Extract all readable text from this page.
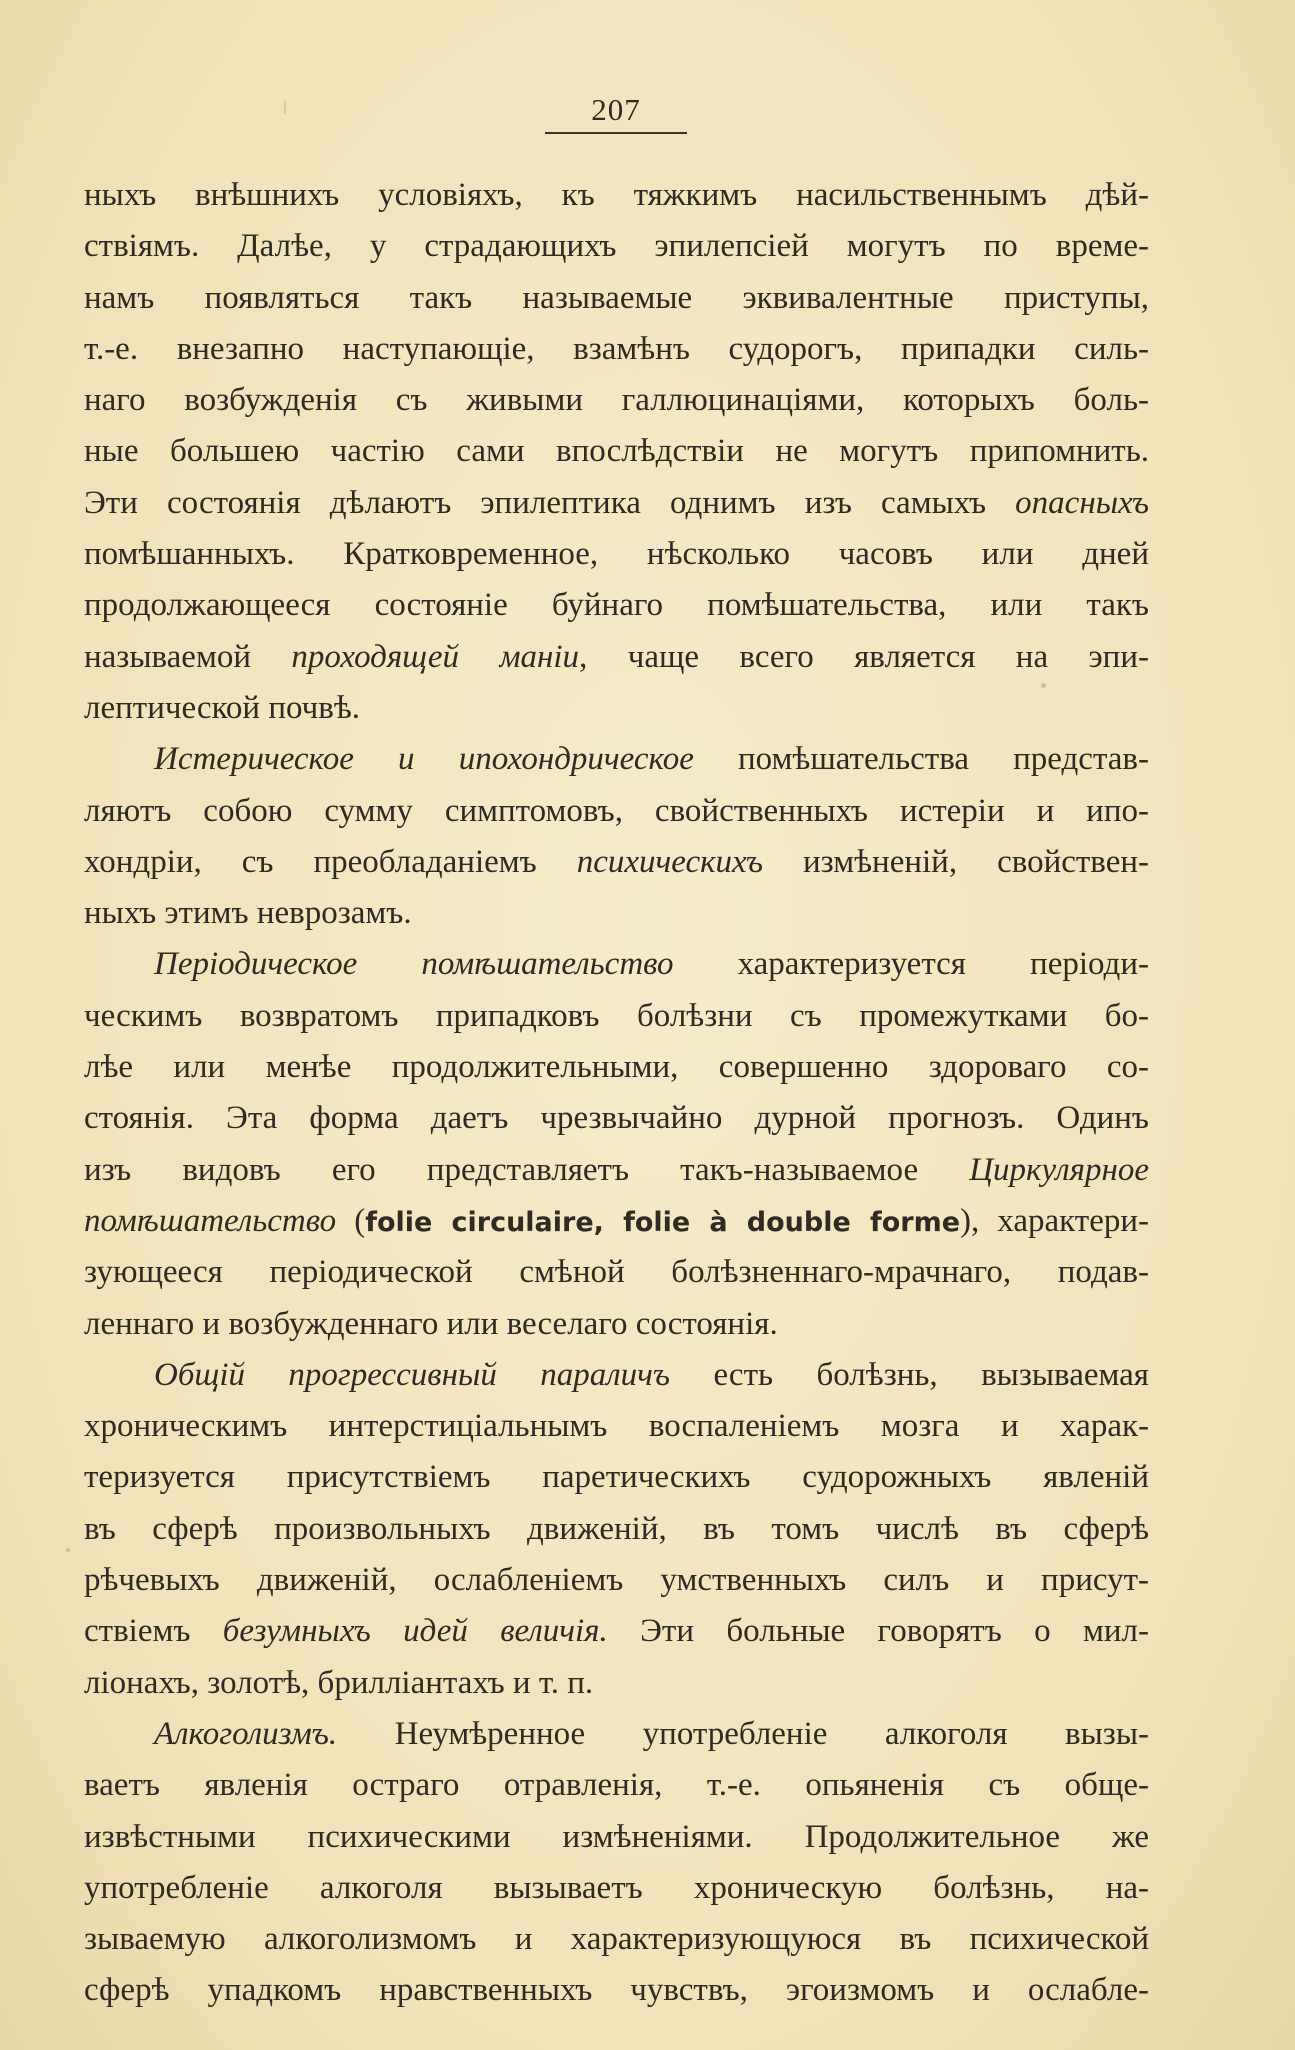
207
ныхъ внѣшнихъ условіяхъ, къ тяжкимъ насильственнымъ дѣй-
ствіямъ. Далѣе, у страдающихъ эпилепсіей могутъ по време-
намъ появляться такъ называемые эквивалентные приступы,
т.-е. внезапно наступающіе, взамѣнъ судорогъ, припадки силь-
наго возбужденія съ живыми галлюцинаціями, которыхъ боль-
ные большею частію сами впослѣдствіи не могутъ припомнить.
Эти состоянія дѣлаютъ эпилептика однимъ изъ самыхъ опасныхъ
помѣшанныхъ. Кратковременное, нѣсколько часовъ или дней
продолжающееся состояніе буйнаго помѣшательства, или такъ
называемой проходящей маніи, чаще всего является на эпи-
лептической почвѣ.
Истерическое и ипохондрическое помѣшательства представ-
ляютъ собою сумму симптомовъ, свойственныхъ истеріи и ипо-
хондріи, съ преобладаніемъ психическихъ измѣненій, свойствен-
ныхъ этимъ неврозамъ.
Періодическое помѣшательство характеризуется періоди-
ческимъ возвратомъ припадковъ болѣзни съ промежутками бо-
лѣе или менѣе продолжительными, совершенно здороваго со-
стоянія. Эта форма даетъ чрезвычайно дурной прогнозъ. Одинъ
изъ видовъ его представляетъ такъ-называемое Циркулярное
помѣшательство (folie circulaire, folie à double forme), характери-
зующееся періодической смѣной болѣзненнаго-мрачнаго, подав-
леннаго и возбужденнаго или веселаго состоянія.
Общій прогрессивный параличъ есть болѣзнь, вызываемая
хроническимъ интерстиціальнымъ воспаленіемъ мозга и харак-
теризуется присутствіемъ паретическихъ судорожныхъ явленій
въ сферѣ произвольныхъ движеній, въ томъ числѣ въ сферѣ
рѣчевыхъ движеній, ослабленіемъ умственныхъ силъ и присут-
ствіемъ безумныхъ идей величія. Эти больные говорятъ о мил-
ліонахъ, золотѣ, брилліантахъ и т. п.
Алкоголизмъ. Неумѣренное употребленіе алкоголя вызы-
ваетъ явленія остраго отравленія, т.-е. опьяненія съ обще-
извѣстными психическими измѣненіями. Продолжительное же
употребленіе алкоголя вызываетъ хроническую болѣзнь, на-
зываемую алкоголизмомъ и характеризующуюся въ психической
сферѣ упадкомъ нравственныхъ чувствъ, эгоизмомъ и ослабле-
